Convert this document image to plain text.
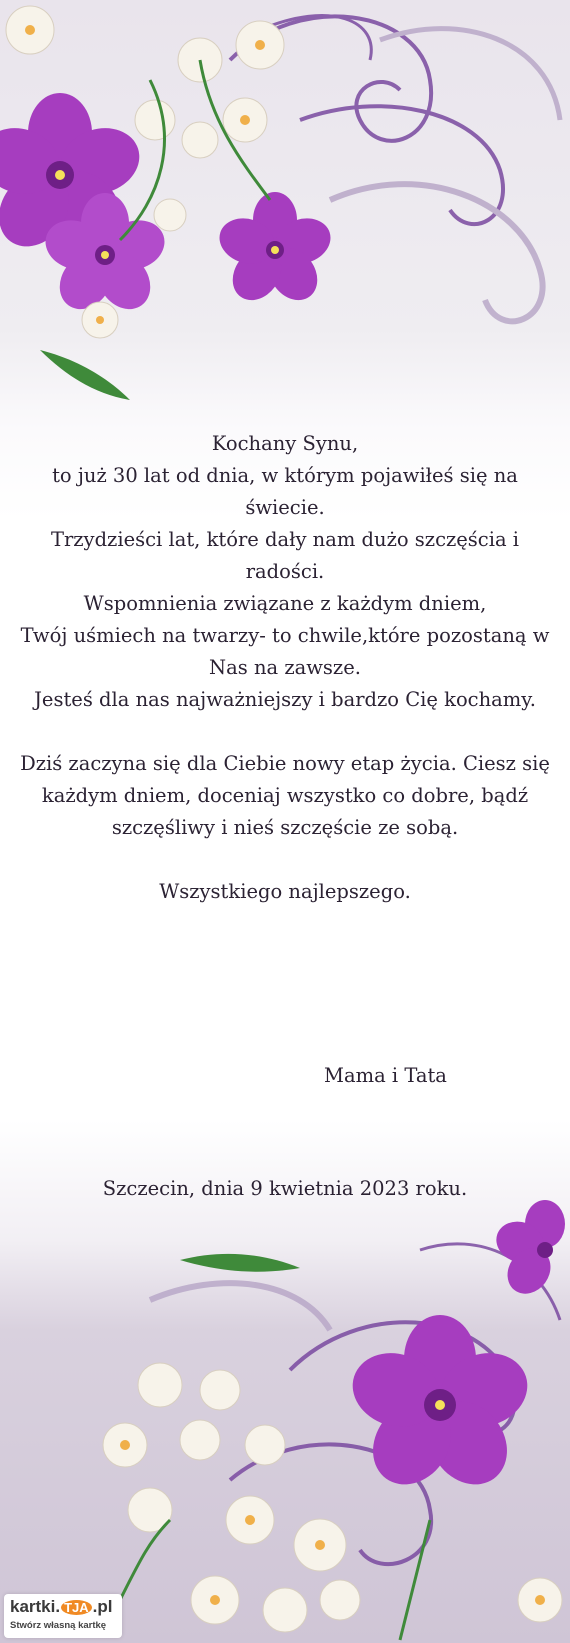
Kochany Synu,

to już 30 lat od dnia, w którym pojawiłeś się na świecie.

Trzydzieści lat, które dały nam dużo szczęścia i radości.

Wspomnienia związane z każdym dniem,

Twój uśmiech na twarzy- to chwile,które pozostaną w Nas na zawsze.

Jesteś dla nas najważniejszy i bardzo Cię kochamy.

Dziś zaczyna się dla Ciebie nowy etap życia. Ciesz się każdym dniem, doceniaj wszystko co dobre, bądź szczęśliwy i nieś szczęście ze sobą.

Wszystkiego najlepszego.

Mama i Tata
Szczecin, dnia 9 kwietnia 2023 roku.
kartki. TJA .pl
Stwórz własną kartkę
